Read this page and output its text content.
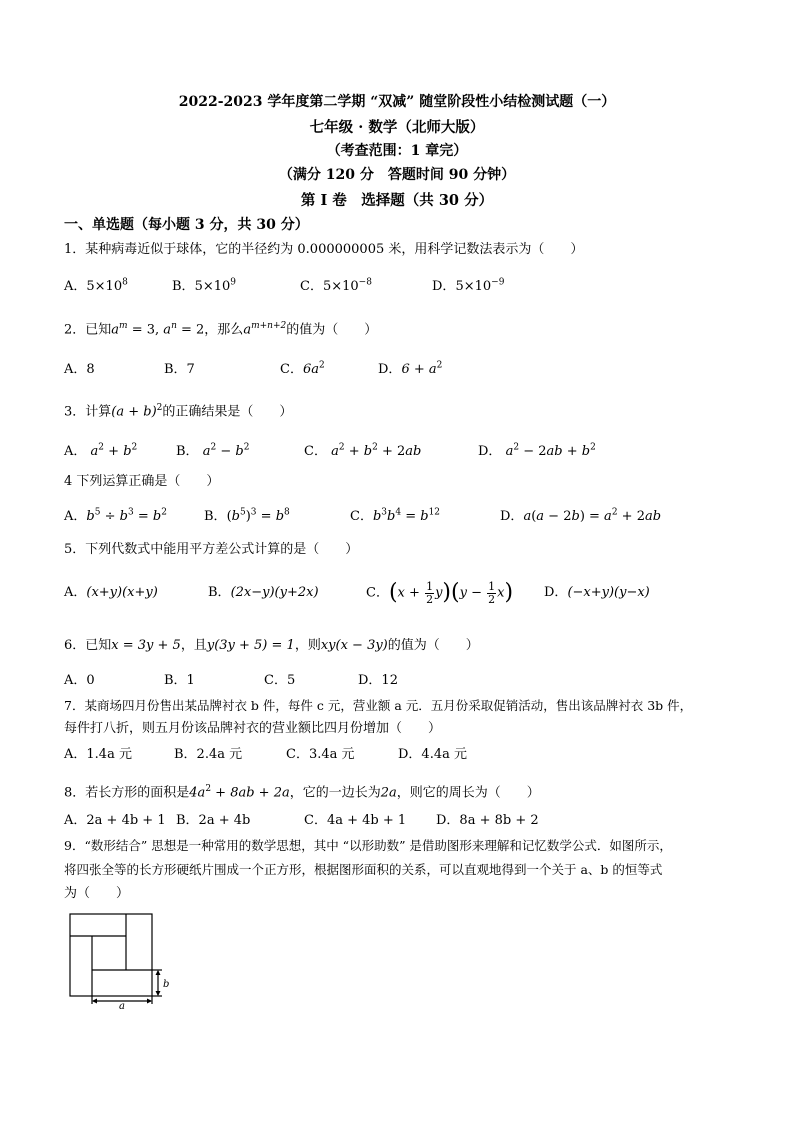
2022-2023 学年度第二学期 “双减” 随堂阶段性小结检测试题（一）
七年级 · 数学（北师大版）
（考查范围：1 章完）
（满分 120 分　答题时间 90 分钟）
第 I 卷　选择题（共 30 分）
一、单选题（每小题 3 分，共 30 分）
1．某种病毒近似于球体，它的半径约为 0.000000005 米，用科学记数法表示为（　　）
A．$5\times 10^8$	B．$5\times 10^9$	C．$5\times 10^{-8}$	D．$5\times 10^{-9}$
2．已知$a^m = 3$, $a^n = 2$，那么$a^{m+n+2}$的值为（　　）
A．8	B．7	C．$6a^2$	D．$6 + a^2$
3．计算$(a + b)^2$的正确结果是（　　）
A． $a^2 + b^2$	B． $a^2 - b^2$	C． $a^2 + b^2 + 2ab$	D． $a^2 - 2ab + b^2$
4 下列运算正确是（　　）
A．$b^5 \div b^3 = b^2$	B．$(b^5)^3 = b^8$	C．$b^3b^4 = b^{12}$	D．$a(a - 2b) = a^2 + 2ab$
5．下列代数式中能用平方差公式计算的是（　　）
A．(x+y)(x+y)	B．(2x−y)(y+2x)	C．$(x + \frac{1}{2} y)(y - \frac{1}{2} x)$ D．(−x+y)(y−x)
6．已知x = 3y + 5，且y(3y + 5) = 1，则xy(x − 3y)的值为（　　）
A．0	B．1	C．5	D．12
7．某商场四月份售出某品牌衬衣 b 件，每件 c 元，营业额 a 元．五月份采取促销活动，售出该品牌衬衣 3b 件，
每件打八折，则五月份该品牌衬衣的营业额比四月份增加（　　）
A．1.4a 元	B．2.4a 元	C．3.4a 元	D．4.4a 元
8．若长方形的面积是$4a^2 + 8ab + 2a$，它的一边长为2a，则它的周长为（　　）
A．2a + 4b + 1 B．2a + 4b	C．4a + 4b + 1 D．8a + 8b + 2
9．“数形结合” 思想是一种常用的数学思想，其中 “以形助数” 是借助图形来理解和记忆数学公式．如图所示，
将四张全等的长方形硬纸片围成一个正方形，根据图形面积的关系，可以直观地得到一个关于 a、b 的恒等式
为（　　）
b
a
